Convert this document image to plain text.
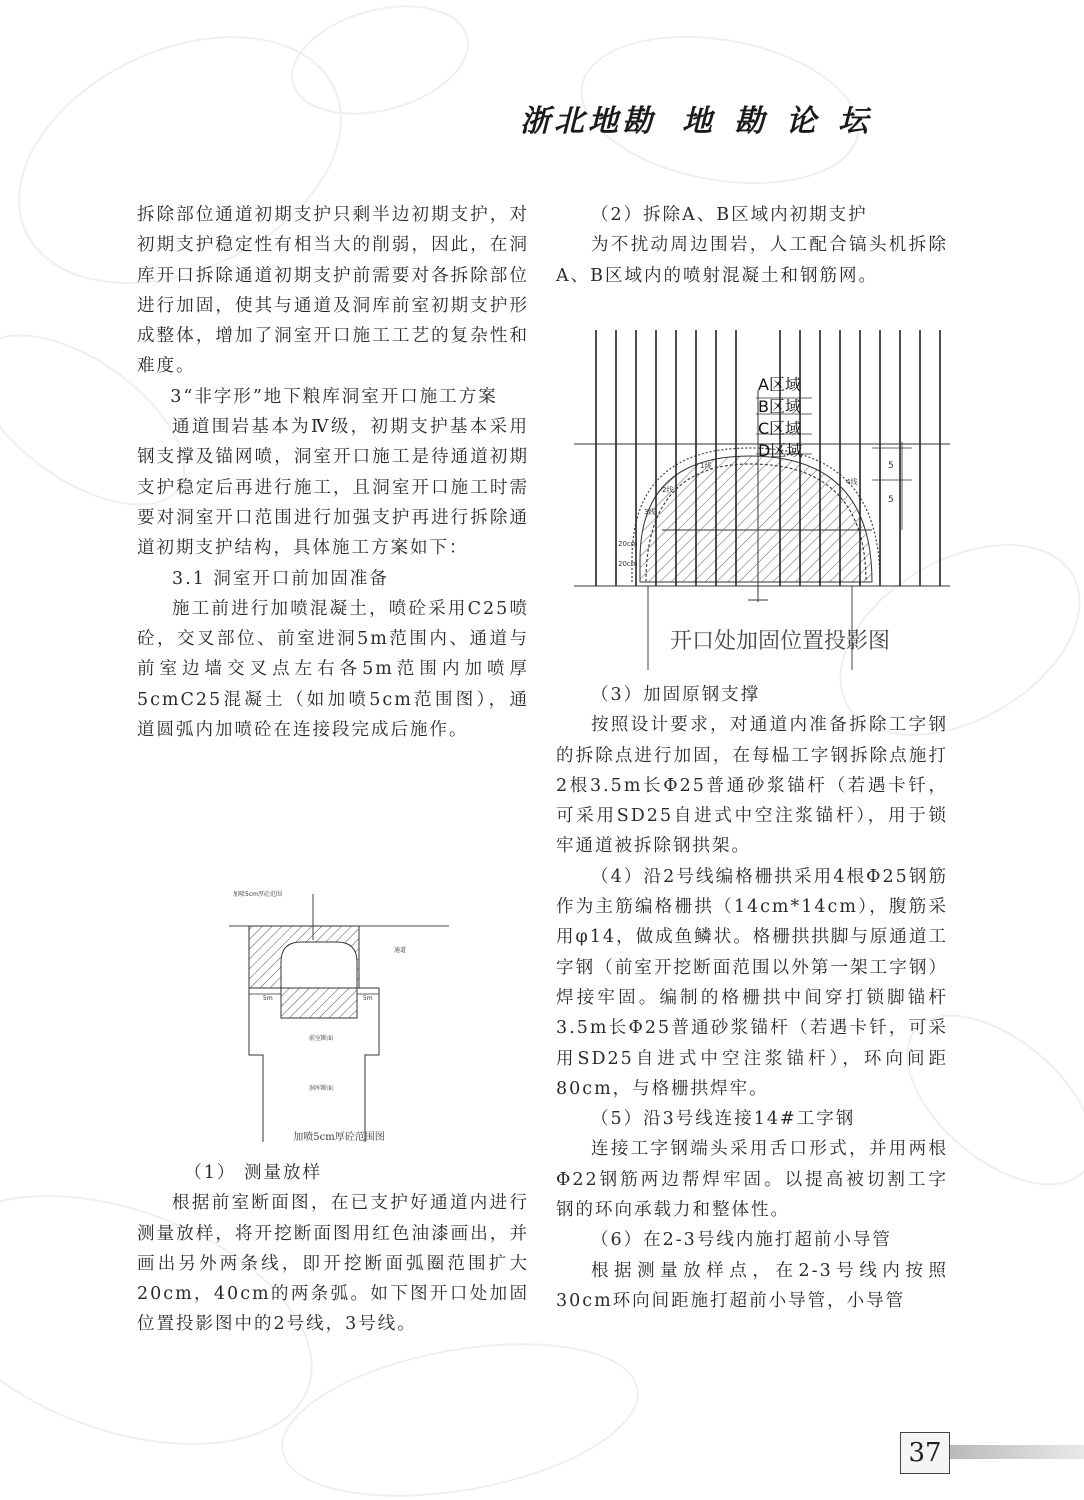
浙北地勘 地勘论坛

拆除部位通道初期支护只剩半边初期支护，对初期支护稳定性有相当大的削弱，因此，在洞库开口拆除通道初期支护前需要对各拆除部位进行加固，使其与通道及洞库前室初期支护形成整体，增加了洞室开口施工工艺的复杂性和难度。

3“非字形”地下粮库洞室开口施工方案

通道围岩基本为Ⅳ级，初期支护基本采用钢支撑及锚网喷，洞室开口施工是待通道初期支护稳定后再进行施工，且洞室开口施工时需要对洞室开口范围进行加强支护再进行拆除通道初期支护结构，具体施工方案如下：

3.1 洞室开口前加固准备

施工前进行加喷混凝土，喷砼采用C25喷砼，交叉部位、前室进洞5m范围内、通道与前室边墙交叉点左右各5m范围内加喷厚5cmC25混凝土（如加喷5cm范围图），通道圆弧内加喷砼在连接段完成后施作。

加喷5cm厚砼范围
通道
前室断面
洞库断面
5m	5m
加喷5cm厚砼范围图

（1） 测量放样

根据前室断面图，在已支护好通道内进行测量放样，将开挖断面图用红色油漆画出，并画出另外两条线，即开挖断面弧圈范围扩大20cm，40cm的两条弧。如下图开口处加固位置投影图中的2号线，3号线。

（2）拆除A、B区域内初期支护

为不扰动周边围岩，人工配合镐头机拆除A、B区域内的喷射混凝土和钢筋网。

A区域
B区域
C区域
D区域
1线
2线
3线
4线
20cm
20cm
5
5
开口处加固位置投影图

（3）加固原钢支撑

按照设计要求，对通道内准备拆除工字钢的拆除点进行加固，在每榀工字钢拆除点施打2根3.5m长Φ25普通砂浆锚杆（若遇卡钎，可采用SD25自进式中空注浆锚杆），用于锁牢通道被拆除钢拱架。

（4）沿2号线编格栅拱采用4根Φ25钢筋作为主筋编格栅拱（14cm*14cm），腹筋采用φ14，做成鱼鳞状。格栅拱拱脚与原通道工字钢（前室开挖断面范围以外第一架工字钢）焊接牢固。编制的格栅拱中间穿打锁脚锚杆3.5m长Φ25普通砂浆锚杆（若遇卡钎，可采用SD25自进式中空注浆锚杆），环向间距80cm，与格栅拱焊牢。

（5）沿3号线连接14#工字钢

连接工字钢端头采用舌口形式，并用两根Φ22钢筋两边帮焊牢固。以提高被切割工字钢的环向承载力和整体性。

（6）在2-3号线内施打超前小导管

根据测量放样点，在2-3号线内按照30cm环向间距施打超前小导管，小导管

37
